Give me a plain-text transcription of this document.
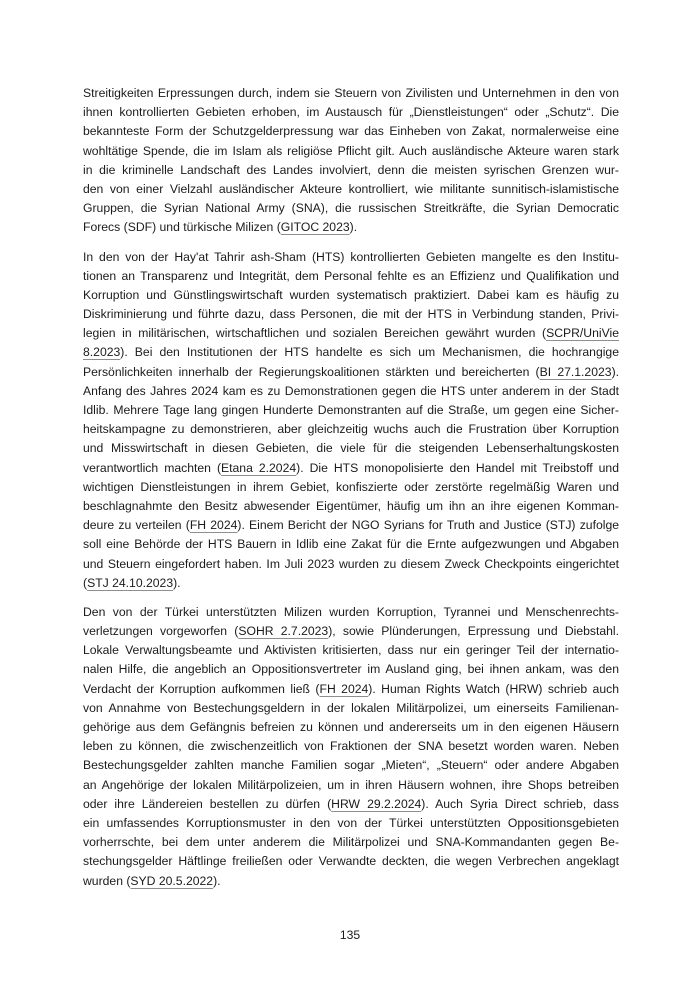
Streitigkeiten Erpressungen durch, indem sie Steuern von Zivilisten und Unternehmen in den von
ihnen kontrollierten Gebieten erhoben, im Austausch für „Dienstleistungen“ oder „Schutz“. Die
bekannteste Form der Schutzgelderpressung war das Einheben von Zakat, normalerweise eine
wohltätige Spende, die im Islam als religiöse Pflicht gilt. Auch ausländische Akteure waren stark
in die kriminelle Landschaft des Landes involviert, denn die meisten syrischen Grenzen wur-
den von einer Vielzahl ausländischer Akteure kontrolliert, wie militante sunnitisch-islamistische
Gruppen, die Syrian National Army (SNA), die russischen Streitkräfte, die Syrian Democratic
Forecs (SDF) und türkische Milizen (GITOC 2023).

In den von der Hay'at Tahrir ash-Sham (HTS) kontrollierten Gebieten mangelte es den Institu-
tionen an Transparenz und Integrität, dem Personal fehlte es an Effizienz und Qualifikation und
Korruption und Günstlingswirtschaft wurden systematisch praktiziert. Dabei kam es häufig zu
Diskriminierung und führte dazu, dass Personen, die mit der HTS in Verbindung standen, Privi-
legien in militärischen, wirtschaftlichen und sozialen Bereichen gewährt wurden (SCPR/UniVie
8.2023). Bei den Institutionen der HTS handelte es sich um Mechanismen, die hochrangige
Persönlichkeiten innerhalb der Regierungskoalitionen stärkten und bereicherten (BI 27.1.2023).
Anfang des Jahres 2024 kam es zu Demonstrationen gegen die HTS unter anderem in der Stadt
Idlib. Mehrere Tage lang gingen Hunderte Demonstranten auf die Straße, um gegen eine Sicher-
heitskampagne zu demonstrieren, aber gleichzeitig wuchs auch die Frustration über Korruption
und Misswirtschaft in diesen Gebieten, die viele für die steigenden Lebenserhaltungskosten
verantwortlich machten (Etana 2.2024). Die HTS monopolisierte den Handel mit Treibstoff und
wichtigen Dienstleistungen in ihrem Gebiet, konfiszierte oder zerstörte regelmäßig Waren und
beschlagnahmte den Besitz abwesender Eigentümer, häufig um ihn an ihre eigenen Komman-
deure zu verteilen (FH 2024). Einem Bericht der NGO Syrians for Truth and Justice (STJ) zufolge
soll eine Behörde der HTS Bauern in Idlib eine Zakat für die Ernte aufgezwungen und Abgaben
und Steuern eingefordert haben. Im Juli 2023 wurden zu diesem Zweck Checkpoints eingerichtet
(STJ 24.10.2023).

Den von der Türkei unterstützten Milizen wurden Korruption, Tyrannei und Menschenrechts-
verletzungen vorgeworfen (SOHR 2.7.2023), sowie Plünderungen, Erpressung und Diebstahl.
Lokale Verwaltungsbeamte und Aktivisten kritisierten, dass nur ein geringer Teil der internatio-
nalen Hilfe, die angeblich an Oppositionsvertreter im Ausland ging, bei ihnen ankam, was den
Verdacht der Korruption aufkommen ließ (FH 2024). Human Rights Watch (HRW) schrieb auch
von Annahme von Bestechungsgeldern in der lokalen Militärpolizei, um einerseits Familienan-
gehörige aus dem Gefängnis befreien zu können und andererseits um in den eigenen Häusern
leben zu können, die zwischenzeitlich von Fraktionen der SNA besetzt worden waren. Neben
Bestechungsgelder zahlten manche Familien sogar „Mieten“, „Steuern“ oder andere Abgaben
an Angehörige der lokalen Militärpolizeien, um in ihren Häusern wohnen, ihre Shops betreiben
oder ihre Ländereien bestellen zu dürfen (HRW 29.2.2024). Auch Syria Direct schrieb, dass
ein umfassendes Korruptionsmuster in den von der Türkei unterstützten Oppositionsgebieten
vorherrschte, bei dem unter anderem die Militärpolizei und SNA-Kommandanten gegen Be-
stechungsgelder Häftlinge freiließen oder Verwandte deckten, die wegen Verbrechen angeklagt
wurden (SYD 20.5.2022).

135
